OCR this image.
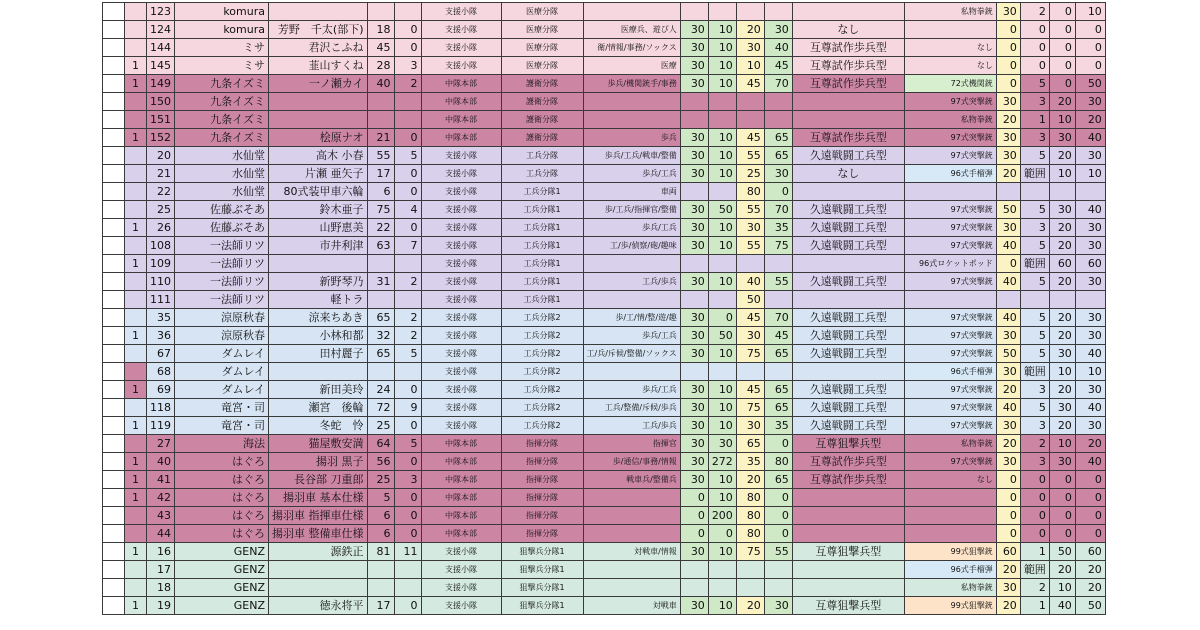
		123	komura				支援小隊	医療分隊							私物拳銃	30	2	0	10
		124	komura	芳野　千太(部下)	18	0	支援小隊	医療分隊	医療兵、遊び人	30	10	20	30	なし		0	0	0	0
		144	ミサ	君沢こふね	45	0	支援小隊	医療分隊	衛/情報/事務/ソックス	30	10	30	40	互尊試作歩兵型	なし	0	0	0	0
	1	145	ミサ	韮山すくね	28	3	支援小隊	医療分隊	医療	30	10	10	45	互尊試作歩兵型	なし	0	0	0	0
	1	149	九条イズミ	一ノ瀬カイ	40	2	中隊本部	護衛分隊	歩兵/機関銃手/事務	30	10	45	70	互尊試作歩兵型	72式機関銃	0	5	0	50
		150	九条イズミ				中隊本部	護衛分隊							97式突撃銃	30	3	20	30
		151	九条イズミ				中隊本部	護衛分隊							私物拳銃	20	1	10	20
	1	152	九条イズミ	桧原ナオ	21	0	中隊本部	護衛分隊	歩兵	30	10	45	65	互尊試作歩兵型	97式突撃銃	30	3	30	40
		20	水仙堂	高木 小春	55	5	支援小隊	工兵分隊	歩兵/工兵/戦車/整備	30	10	55	65	久遠戦闘工兵型	97式突撃銃	30	5	20	30
		21	水仙堂	片瀬 亜矢子	17	0	支援小隊	工兵分隊	歩兵/工兵	30	10	25	30	なし	96式手榴弾	20	範囲	10	10
		22	水仙堂	80式装甲車六輪	6	0	支援小隊	工兵分隊1	車両			80	0						
		25	佐藤ぶそあ	鈴木亜子	75	4	支援小隊	工兵分隊1	歩/工兵/指揮官/整備	30	50	55	70	久遠戦闘工兵型	97式突撃銃	50	5	30	40
	1	26	佐藤ぶそあ	山野恵美	22	0	支援小隊	工兵分隊1	歩兵/工兵	30	10	30	35	久遠戦闘工兵型	97式突撃銃	30	3	20	30
		108	一法師リツ	市井利津	63	7	支援小隊	工兵分隊1	工/歩/偵察/砲/趣味	30	10	55	75	久遠戦闘工兵型	97式突撃銃	40	5	20	30
	1	109	一法師リツ				支援小隊	工兵分隊1							96式ロケットポッド	0	範囲	60	60
		110	一法師リツ	新野琴乃	31	2	支援小隊	工兵分隊1	工兵/歩兵	30	10	40	55	久遠戦闘工兵型	97式突撃銃	40	5	20	30
		111	一法師リツ	軽トラ			支援小隊	工兵分隊1				50							
		35	涼原秋春	涼来ちあき	65	2	支援小隊	工兵分隊2	歩/工/情/整/遊/趣	30	0	45	70	久遠戦闘工兵型	97式突撃銃	40	5	20	30
	1	36	涼原秋春	小林和都	32	2	支援小隊	工兵分隊2	歩兵/工兵	30	50	30	45	久遠戦闘工兵型	97式突撃銃	30	5	20	30
		67	ダムレイ	田村麗子	65	5	支援小隊	工兵分隊2	工/兵/斥候/整備/ソックス	30	10	75	65	久遠戦闘工兵型	97式突撃銃	50	5	30	40
		68	ダムレイ				支援小隊	工兵分隊2							96式手榴弾	30	範囲	10	10
	1	69	ダムレイ	新田美玲	24	0	支援小隊	工兵分隊2	歩兵/工兵	30	10	45	65	久遠戦闘工兵型	97式突撃銃	20	3	20	30
		118	竜宮・司	瀬宮　後輪	72	9	支援小隊	工兵分隊2	工兵/整備/斥候/歩兵	30	10	75	65	久遠戦闘工兵型	97式突撃銃	40	5	30	40
	1	119	竜宮・司	冬蛇　怜	25	0	支援小隊	工兵分隊2	工兵/歩兵	30	10	30	35	久遠戦闘工兵型	97式突撃銃	30	3	20	30
		27	海法	猫屋敷安満	64	5	中隊本部	指揮分隊	指揮官	30	30	65	0	互尊狙撃兵型	私物拳銃	20	2	10	20
	1	40	はぐろ	揚羽 黒子	56	0	中隊本部	指揮分隊	歩/通信/事務/情報	30	272	35	80	互尊試作歩兵型	97式突撃銃	30	3	30	40
	1	41	はぐろ	長谷部 刀重郎	25	3	中隊本部	指揮分隊	戦車兵/整備兵	30	10	20	65	互尊試作歩兵型	なし	0	0	0	0
	1	42	はぐろ	揚羽車 基本仕様	5	0	中隊本部	指揮分隊		0	10	80	0			0	0	0	0
		43	はぐろ	揚羽車 指揮車仕様	6	0	中隊本部	指揮分隊		0	200	80	0			0	0	0	0
		44	はぐろ	揚羽車 整備車仕様	6	0	中隊本部	指揮分隊		0	0	80	0			0	0	0	0
	1	16	GENZ	源鉄正	81	11	支援小隊	狙撃兵分隊1	対戦車/情報	30	10	75	55	互尊狙撃兵型	99式狙撃銃	60	1	50	60
		17	GENZ				支援小隊	狙撃兵分隊1							96式手榴弾	20	範囲	20	20
		18	GENZ				支援小隊	狙撃兵分隊1							私物拳銃	30	2	10	20
	1	19	GENZ	徳永将平	17	0	支援小隊	狙撃兵分隊1	対戦車	30	10	20	30	互尊狙撃兵型	99式狙撃銃	20	1	40	50
